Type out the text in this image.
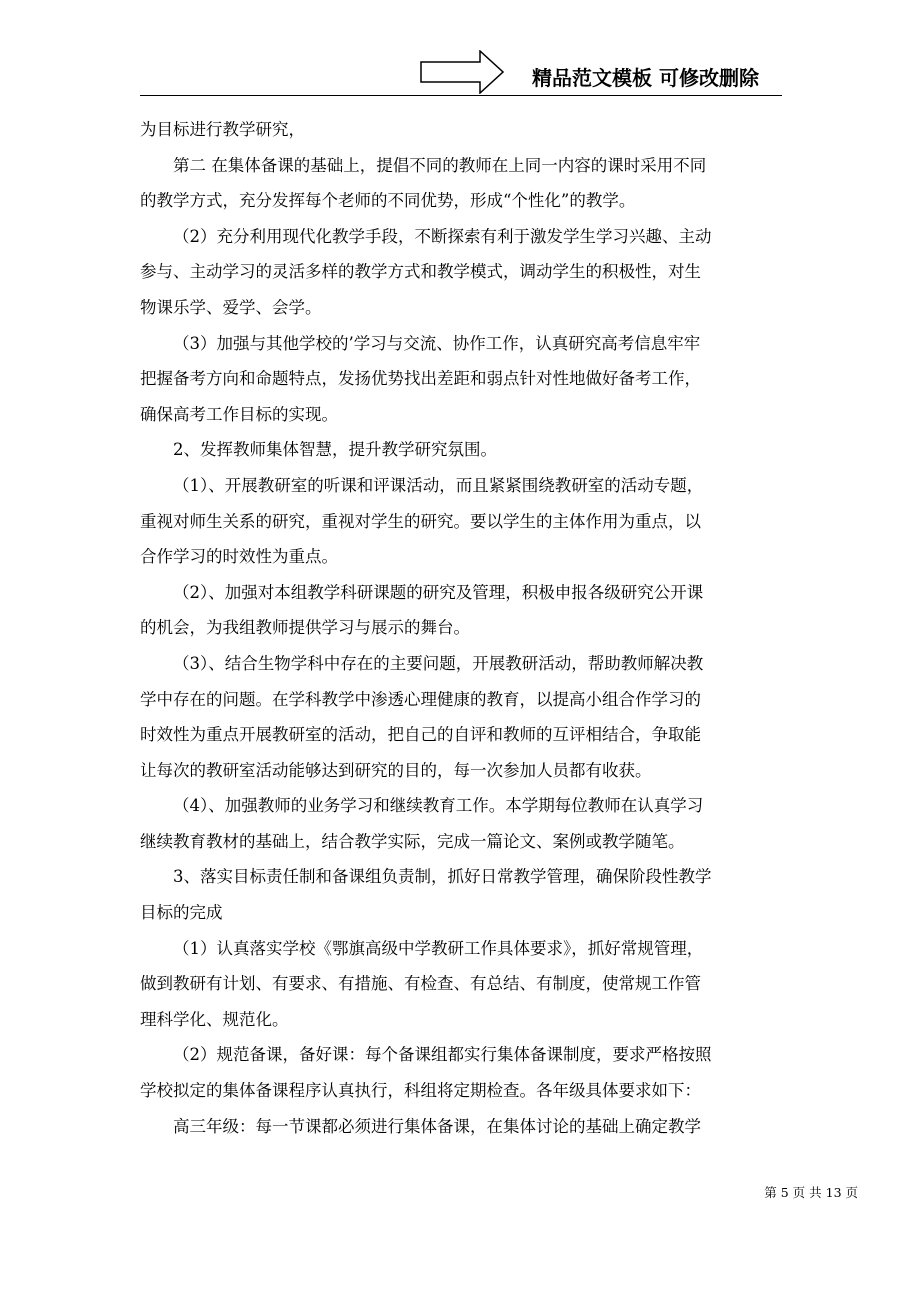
精品范文模板 可修改删除
为目标进行教学研究，
第二 在集体备课的基础上，提倡不同的教师在上同一内容的课时采用不同
的教学方式，充分发挥每个老师的不同优势，形成“个性化”的教学。
（2）充分利用现代化教学手段，不断探索有利于激发学生学习兴趣、主动
参与、主动学习的灵活多样的教学方式和教学模式，调动学生的积极性，对生
物课乐学、爱学、会学。
（3）加强与其他学校的’学习与交流、协作工作，认真研究高考信息牢牢
把握备考方向和命题特点，发扬优势找出差距和弱点针对性地做好备考工作，
确保高考工作目标的实现。
2、发挥教师集体智慧，提升教学研究氛围。
（1）、开展教研室的听课和评课活动，而且紧紧围绕教研室的活动专题，
重视对师生关系的研究，重视对学生的研究。要以学生的主体作用为重点，以
合作学习的时效性为重点。
（2）、加强对本组教学科研课题的研究及管理，积极申报各级研究公开课
的机会，为我组教师提供学习与展示的舞台。
（3）、结合生物学科中存在的主要问题，开展教研活动，帮助教师解决教
学中存在的问题。在学科教学中渗透心理健康的教育，以提高小组合作学习的
时效性为重点开展教研室的活动，把自己的自评和教师的互评相结合，争取能
让每次的教研室活动能够达到研究的目的，每一次参加人员都有收获。
（4）、加强教师的业务学习和继续教育工作。本学期每位教师在认真学习
继续教育教材的基础上，结合教学实际，完成一篇论文、案例或教学随笔。
3、落实目标责任制和备课组负责制，抓好日常教学管理，确保阶段性教学
目标的完成
（1）认真落实学校《鄂旗高级中学教研工作具体要求》，抓好常规管理，
做到教研有计划、有要求、有措施、有检查、有总结、有制度，使常规工作管
理科学化、规范化。
（2）规范备课，备好课：每个备课组都实行集体备课制度，要求严格按照
学校拟定的集体备课程序认真执行，科组将定期检查。各年级具体要求如下：
高三年级：每一节课都必须进行集体备课，在集体讨论的基础上确定教学
第 5 页 共 13 页
